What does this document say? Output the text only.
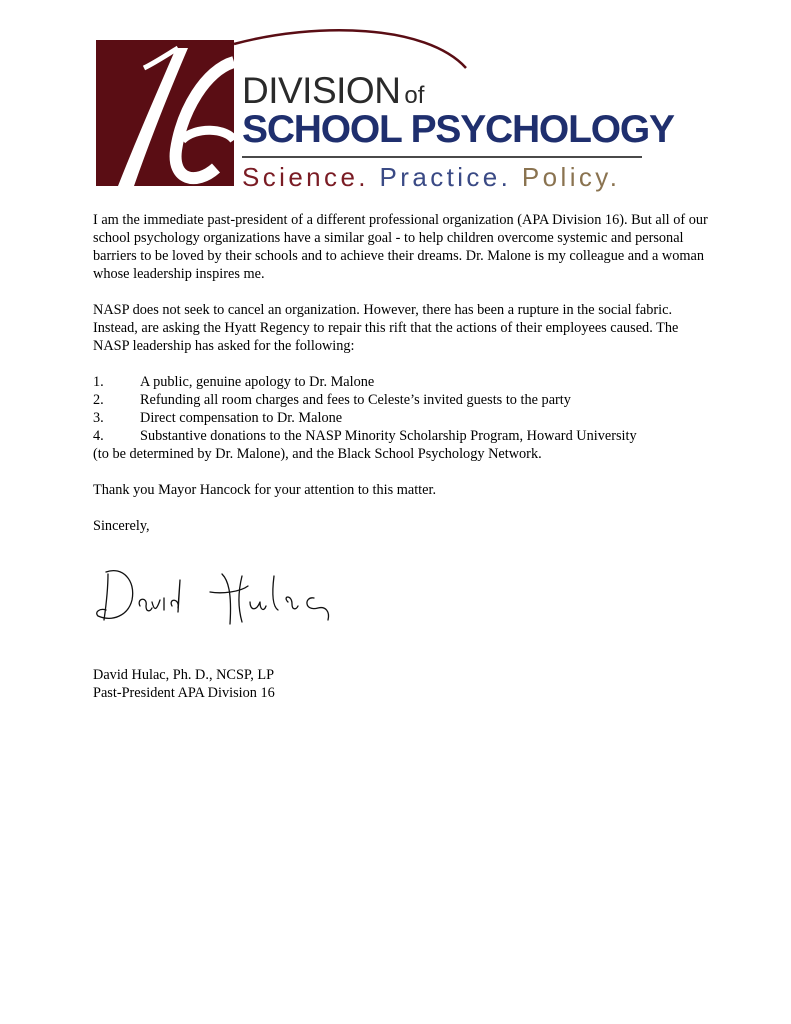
DIVISION of
SCHOOL PSYCHOLOGY
Science. Practice. Policy.

I am the immediate past-president of a different professional organization (APA Division 16). But all of our school psychology organizations have a similar goal - to help children overcome systemic and personal barriers to be loved by their schools and to achieve their dreams. Dr. Malone is my colleague and a woman whose leadership inspires me.

NASP does not seek to cancel an organization. However, there has been a rupture in the social fabric. Instead, are asking the Hyatt Regency to repair this rift that the actions of their employees caused. The NASP leadership has asked for the following:

1.	A public, genuine apology to Dr. Malone
2.	Refunding all room charges and fees to Celeste’s invited guests to the party
3.	Direct compensation to Dr. Malone
4.	Substantive donations to the NASP Minority Scholarship Program, Howard University
(to be determined by Dr. Malone), and the Black School Psychology Network.

Thank you Mayor Hancock for your attention to this matter.

Sincerely,

David Hulac, Ph. D., NCSP, LP
Past-President APA Division 16
